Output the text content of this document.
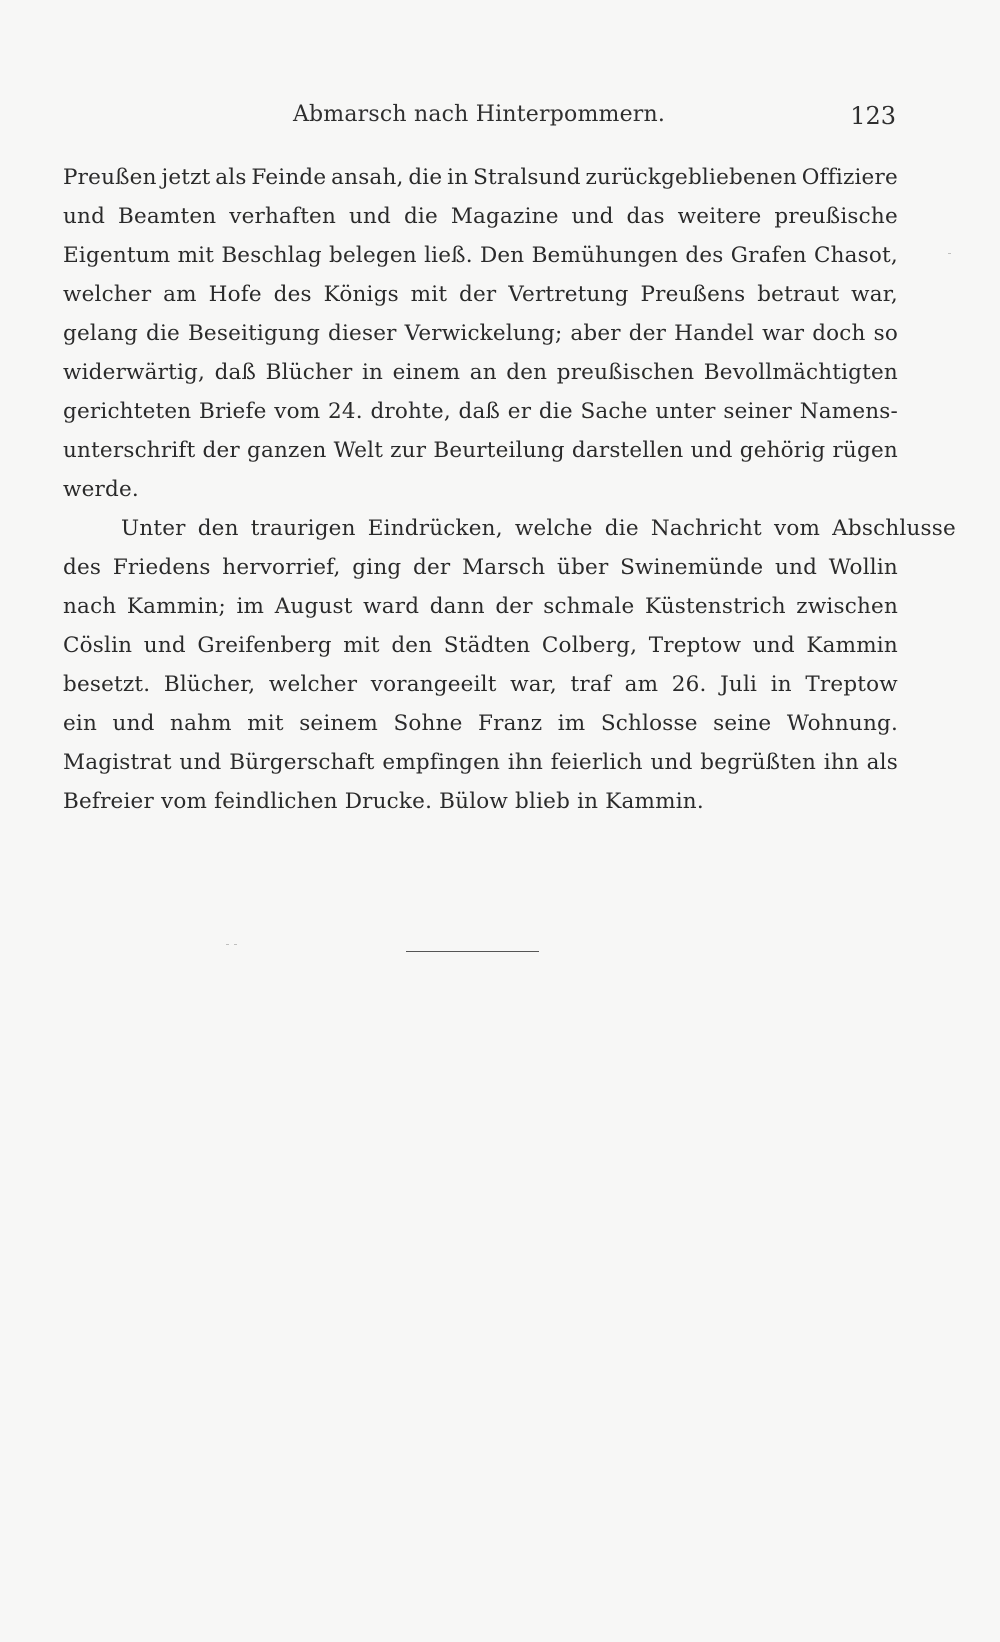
Abmarsch nach Hinterpommern.	123
Preußen jetzt als Feinde ansah, die in Stralsund zurückgebliebenen Offiziere
und Beamten verhaften und die Magazine und das weitere preußische
Eigentum mit Beschlag belegen ließ. Den Bemühungen des Grafen Chasot,
welcher am Hofe des Königs mit der Vertretung Preußens betraut war,
gelang die Beseitigung dieser Verwickelung; aber der Handel war doch so
widerwärtig, daß Blücher in einem an den preußischen Bevollmächtigten
gerichteten Briefe vom 24. drohte, daß er die Sache unter seiner Namens-
unterschrift der ganzen Welt zur Beurteilung darstellen und gehörig rügen
werde.
Unter den traurigen Eindrücken, welche die Nachricht vom Abschlusse
des Friedens hervorrief, ging der Marsch über Swinemünde und Wollin
nach Kammin; im August ward dann der schmale Küstenstrich zwischen
Cöslin und Greifenberg mit den Städten Colberg, Treptow und Kammin
besetzt. Blücher, welcher vorangeeilt war, traf am 26. Juli in Treptow
ein und nahm mit seinem Sohne Franz im Schlosse seine Wohnung.
Magistrat und Bürgerschaft empfingen ihn feierlich und begrüßten ihn als
Befreier vom feindlichen Drucke. Bülow blieb in Kammin.
